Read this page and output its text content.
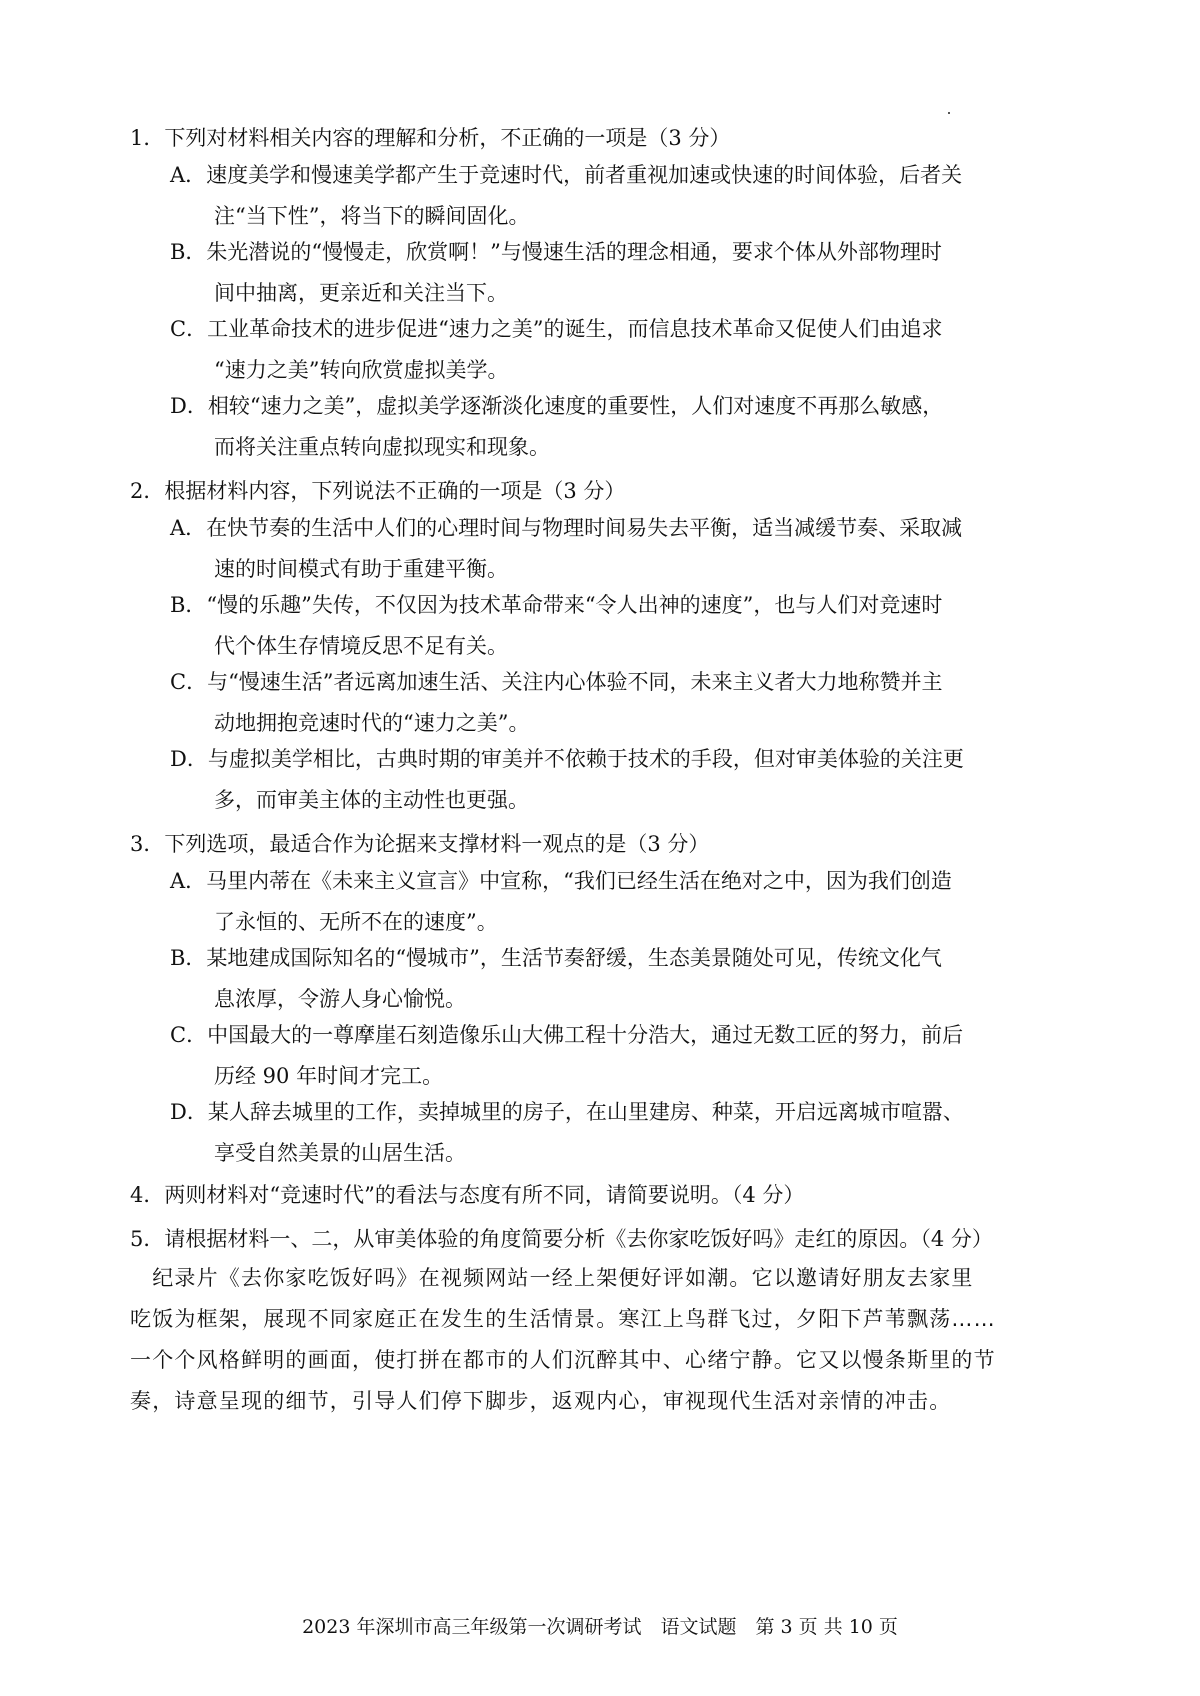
1．下列对材料相关内容的理解和分析，不正确的一项是（3 分）
A．速度美学和慢速美学都产生于竞速时代，前者重视加速或快速的时间体验，后者关
注“当下性”，将当下的瞬间固化。
B．朱光潜说的“慢慢走，欣赏啊！”与慢速生活的理念相通，要求个体从外部物理时
间中抽离，更亲近和关注当下。
C．工业革命技术的进步促进“速力之美”的诞生，而信息技术革命又促使人们由追求
“速力之美”转向欣赏虚拟美学。
D．相较“速力之美”，虚拟美学逐渐淡化速度的重要性，人们对速度不再那么敏感，
而将关注重点转向虚拟现实和现象。
2．根据材料内容，下列说法不正确的一项是（3 分）
A．在快节奏的生活中人们的心理时间与物理时间易失去平衡，适当减缓节奏、采取减
速的时间模式有助于重建平衡。
B．“慢的乐趣”失传，不仅因为技术革命带来“令人出神的速度”，也与人们对竞速时
代个体生存情境反思不足有关。
C．与“慢速生活”者远离加速生活、关注内心体验不同，未来主义者大力地称赞并主
动地拥抱竞速时代的“速力之美”。
D．与虚拟美学相比，古典时期的审美并不依赖于技术的手段，但对审美体验的关注更
多，而审美主体的主动性也更强。
3．下列选项，最适合作为论据来支撑材料一观点的是（3 分）
A．马里内蒂在《未来主义宣言》中宣称，“我们已经生活在绝对之中，因为我们创造
了永恒的、无所不在的速度”。
B．某地建成国际知名的“慢城市”，生活节奏舒缓，生态美景随处可见，传统文化气
息浓厚，令游人身心愉悦。
C．中国最大的一尊摩崖石刻造像乐山大佛工程十分浩大，通过无数工匠的努力，前后
历经 90 年时间才完工。
D．某人辞去城里的工作，卖掉城里的房子，在山里建房、种菜，开启远离城市喧嚣、
享受自然美景的山居生活。
4．两则材料对“竞速时代”的看法与态度有所不同，请简要说明。（4 分）
5．请根据材料一、二，从审美体验的角度简要分析《去你家吃饭好吗》走红的原因。（4 分）
　纪录片《去你家吃饭好吗》在视频网站一经上架便好评如潮。它以邀请好朋友去家里
吃饭为框架，展现不同家庭正在发生的生活情景。寒江上鸟群飞过，夕阳下芦苇飘荡……
一个个风格鲜明的画面，使打拼在都市的人们沉醉其中、心绪宁静。它又以慢条斯里的节
奏，诗意呈现的细节，引导人们停下脚步，返观内心，审视现代生活对亲情的冲击。
2023 年深圳市高三年级第一次调研考试　语文试题　第 3 页 共 10 页
